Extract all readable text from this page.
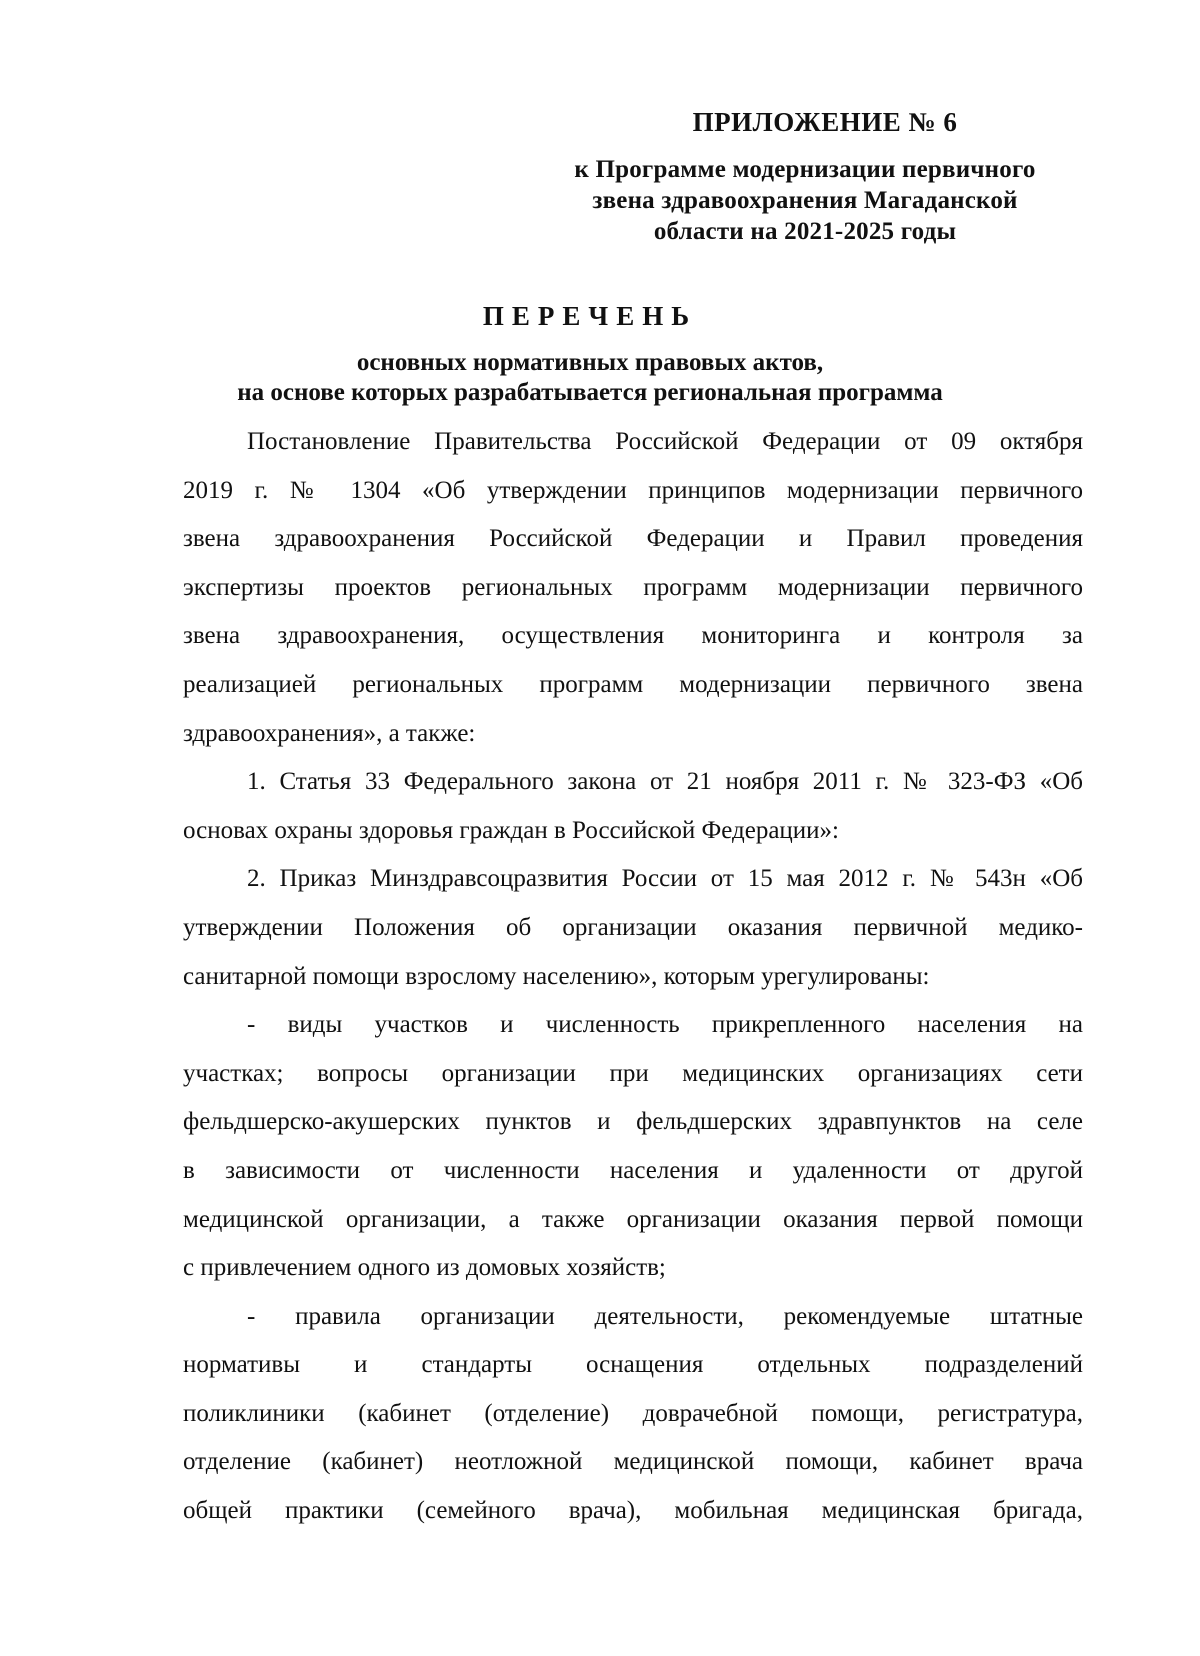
ПРИЛОЖЕНИЕ № 6
к Программе модернизации первичного
звена здравоохранения Магаданской
области на 2021-2025 годы
ПЕРЕЧЕНЬ
основных нормативных правовых актов,
на основе которых разрабатывается региональная программа

Постановление Правительства Российской Федерации от 09 октября
2019 г. № 1304 «Об утверждении принципов модернизации первичного
звена здравоохранения Российской Федерации и Правил проведения
экспертизы проектов региональных программ модернизации первичного
звена здравоохранения, осуществления мониторинга и контроля за
реализацией региональных программ модернизации первичного звена
здравоохранения», а также:

1. Статья 33 Федерального закона от 21 ноября 2011 г. № 323-ФЗ «Об
основах охраны здоровья граждан в Российской Федерации»:

2. Приказ Минздравсоцразвития России от 15 мая 2012 г. № 543н «Об
утверждении Положения об организации оказания первичной медико-
санитарной помощи взрослому населению», которым урегулированы:

- виды участков и численность прикрепленного населения на
участках; вопросы организации при медицинских организациях сети
фельдшерско-акушерских пунктов и фельдшерских здравпунктов на селе
в зависимости от численности населения и удаленности от другой
медицинской организации, а также организации оказания первой помощи
с привлечением одного из домовых хозяйств;

- правила организации деятельности, рекомендуемые штатные
нормативы и стандарты оснащения отдельных подразделений
поликлиники (кабинет (отделение) доврачебной помощи, регистратура,
отделение (кабинет) неотложной медицинской помощи, кабинет врача
общей практики (семейного врача), мобильная медицинская бригада,
